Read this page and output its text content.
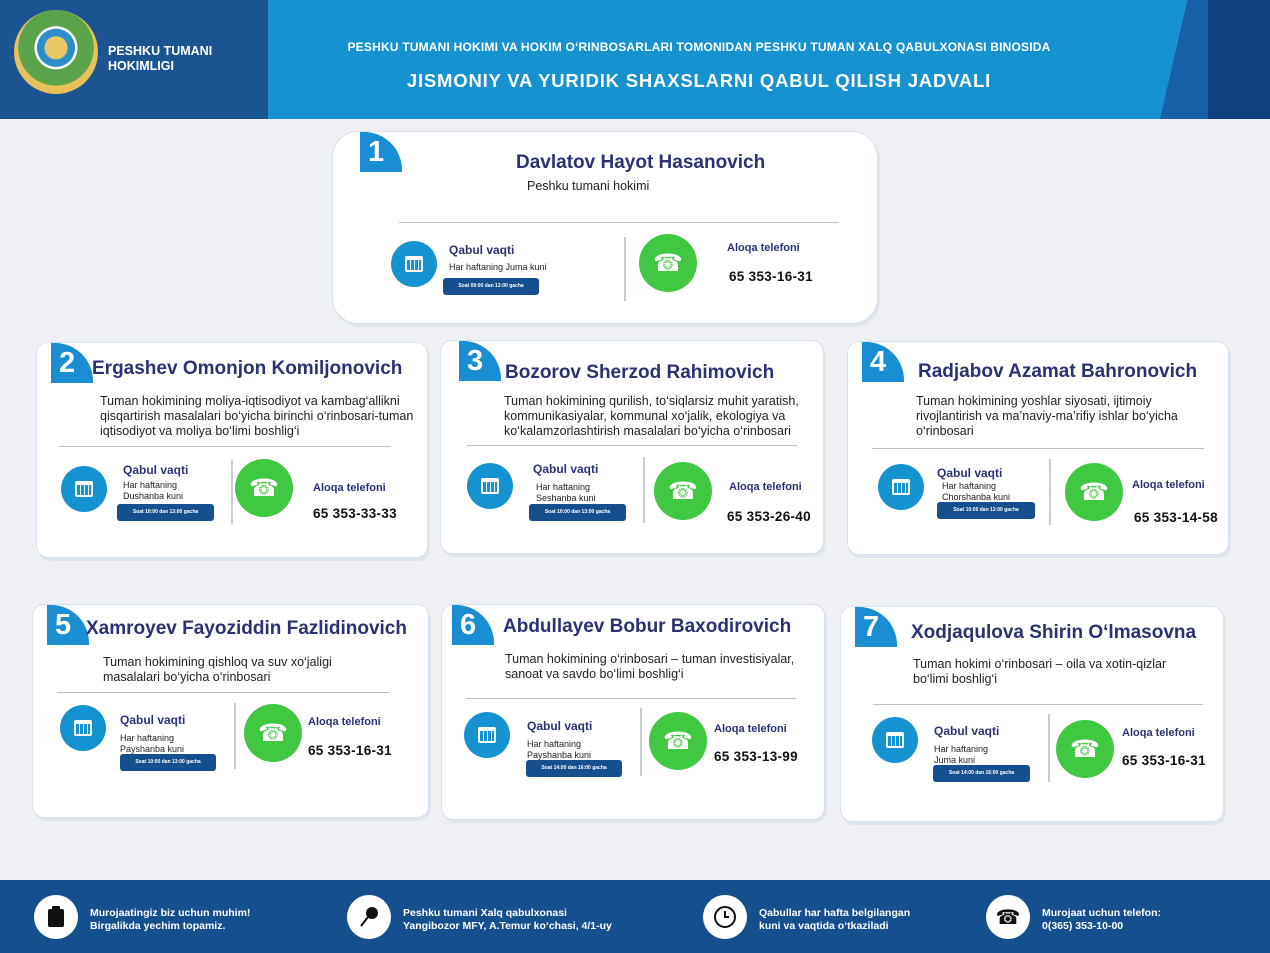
PESHKU TUMANI HOKIMLIGI
PESHKU TUMANI HOKIMI VA HOKIM O‘RINBOSARLARI TOMONIDAN PESHKU TUMAN XALQ QABULXONASI BINOSIDA
JISMONIY VA YURIDIK SHAXSLARNI QABUL QILISH JADVALI
1	Davlatov Hayot Hasanovich
Peshku tumani hokimi
Qabul vaqti
Har haftaning Juma kuni
Soat 09:00 dan 13:00 gacha
☎
Aloqa telefoni
65 353-16-31
2 Ergashev Omonjon Komiljonovich
Tuman hokimining moliya-iqtisodiyot va kambag‘allikni qisqartirish masalalari bo‘yicha birinchi o‘rinbosari-tuman iqtisodiyot va moliya bo‘limi boshlig‘i
Qabul vaqti
Har haftaning Dushanba kuni
Soat 10:00 dan 13:00 gacha
☎	Aloqa telefoni
65 353-33-33
3	Bozorov Sherzod Rahimovich
Tuman hokimining qurilish, to‘siqlarsiz muhit yaratish, kommunikasiyalar, kommunal xo‘jalik, ekologiya va ko‘kalamzorlashtirish masalalari bo‘yicha o‘rinbosari
Qabul vaqti
Har haftaning Seshanba kuni
Soat 10:00 dan 13:00 gacha
☎	Aloqa telefoni
65 353-26-40
4	Radjabov Azamat Bahronovich
Tuman hokimining yoshlar siyosati, ijtimoiy rivojlantirish va ma’naviy-ma’rifiy ishlar bo‘yicha o‘rinbosari
Qabul vaqti
Har haftaning Chorshanba kuni
Soat 10:00 dan 13:00 gacha
☎	Aloqa telefoni
65 353-14-58
5 Xamroyev Fayoziddin Fazlidinovich
Tuman hokimining qishloq va suv xo‘jaligi masalalari bo‘yicha o‘rinbosari
Qabul vaqti
Har haftaning Payshanba kuni
Soat 10:00 dan 13:00 gacha
☎	Aloqa telefoni
65 353-16-31
6	Abdullayev Bobur Baxodirovich
Tuman hokimining o‘rinbosari – tuman investisiyalar, sanoat va savdo bo‘limi boshlig‘i
Qabul vaqti
Har haftaning Payshanba kuni
Soat 14:00 dan 16:00 gacha
☎	Aloqa telefoni
65 353-13-99
7	Xodjaqulova Shirin O‘lmasovna
Tuman hokimi o‘rinbosari – oila va xotin-qizlar bo‘limi boshlig‘i
Qabul vaqti
Har haftaning Juma kuni
Soat 14:00 dan 16:00 gacha
☎
Aloqa telefoni
65 353-16-31
Murojaatingiz biz uchun muhim!
Birgalikda yechim topamiz.
Peshku tumani Xalq qabulxonasi
Yangibozor MFY, A.Temur ko‘chasi, 4/1-uy
Qabullar har hafta belgilangan
kuni va vaqtida o‘tkaziladi	☎	Murojaat uchun telefon:
0(365) 353-10-00
